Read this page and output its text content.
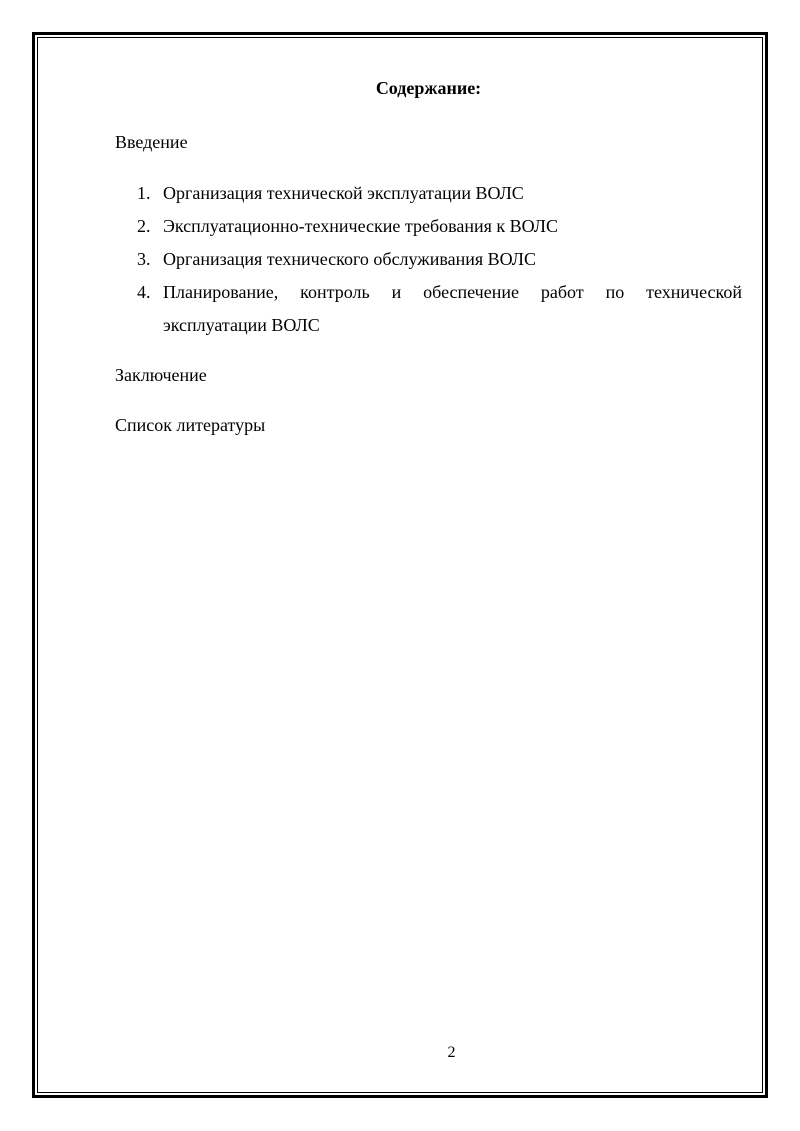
Содержание:

Введение

1. Организация технической эксплуатации ВОЛС
2. Эксплуатационно-технические требования к ВОЛС
3. Организация технического обслуживания ВОЛС
4. Планирование, контроль и обеспечение работ по технической эксплуатации ВОЛС

Заключение

Список литературы

2
